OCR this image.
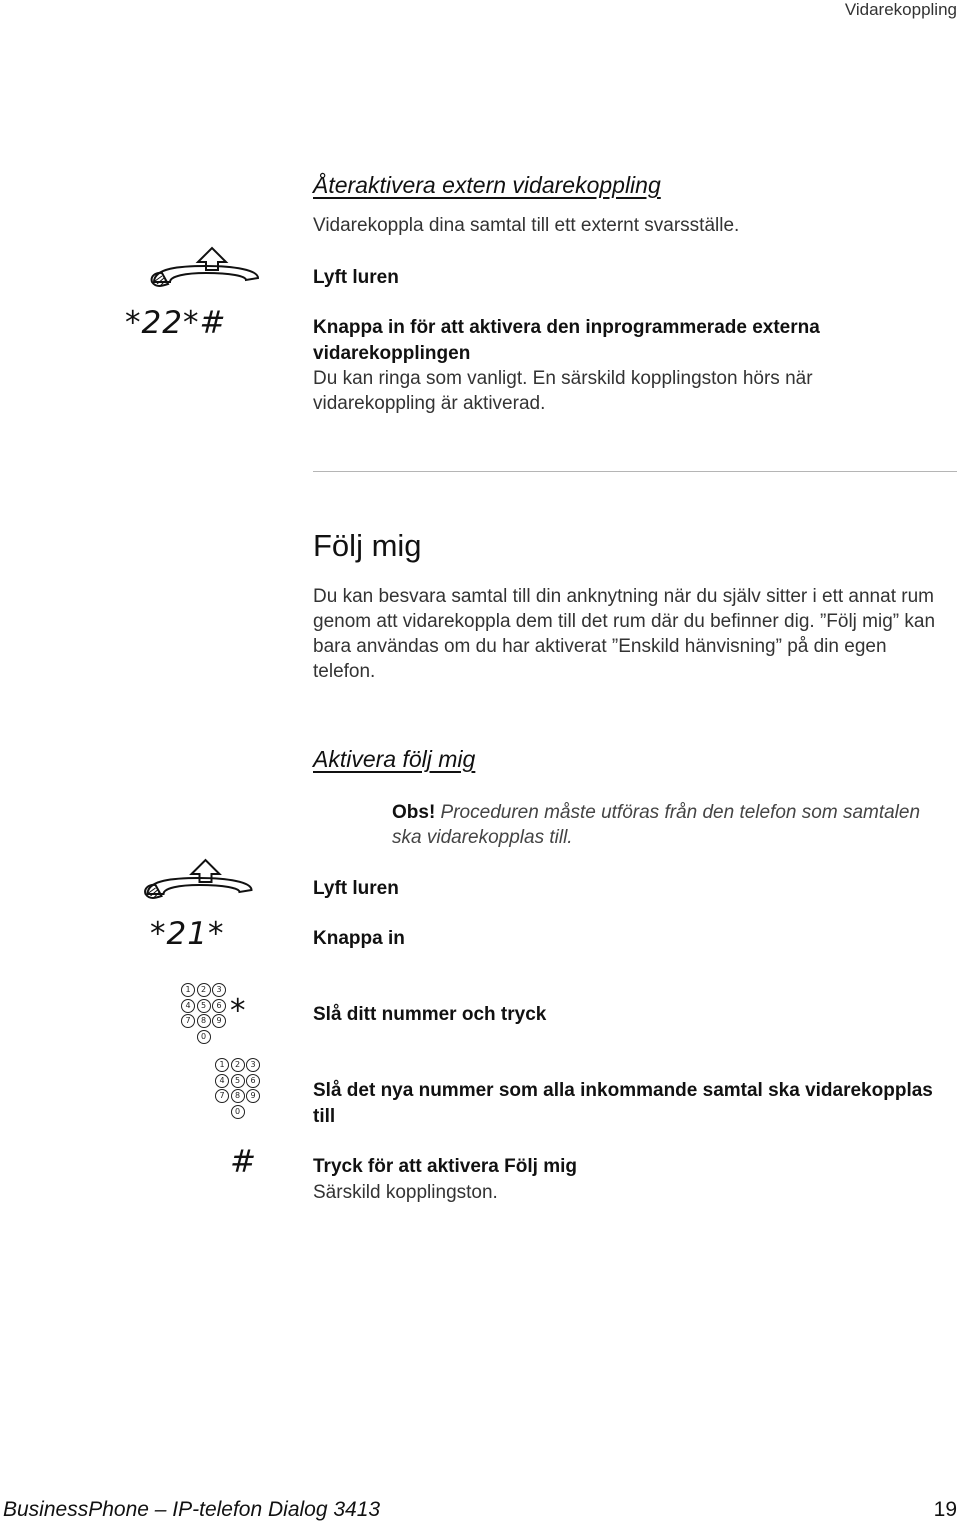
Vidarekoppling
Återaktivera extern vidarekoppling
Vidarekoppla dina samtal till ett externt svarsställe.
Lyft luren
*22*#	Knappa in för att aktivera den inprogrammerade externa vidarekopplingen
Du kan ringa som vanligt. En särskild kopplingston hörs när vidarekoppling är aktiverad.
Följ mig
Du kan besvara samtal till din anknytning när du själv sitter i ett annat rum genom att vidarekoppla dem till det rum där du befinner dig. ”Följ mig” kan bara användas om du har aktiverat ”Enskild hänvisning” på din egen telefon.
Aktivera följ mig
Obs! Proceduren måste utföras från den telefon som samtalen ska vidarekopplas till.
Lyft luren
*21*	Knappa in
1	2	3
4	5	6
7	8	9
0
*	Slå ditt nummer och tryck
1	2	3
4	5	6
7	8	9
0
Slå det nya nummer som alla inkommande samtal ska vidarekopplas till
#	Tryck för att aktivera Följ mig
Särskild kopplingston.
BusinessPhone – IP-telefon Dialog 3413	19
